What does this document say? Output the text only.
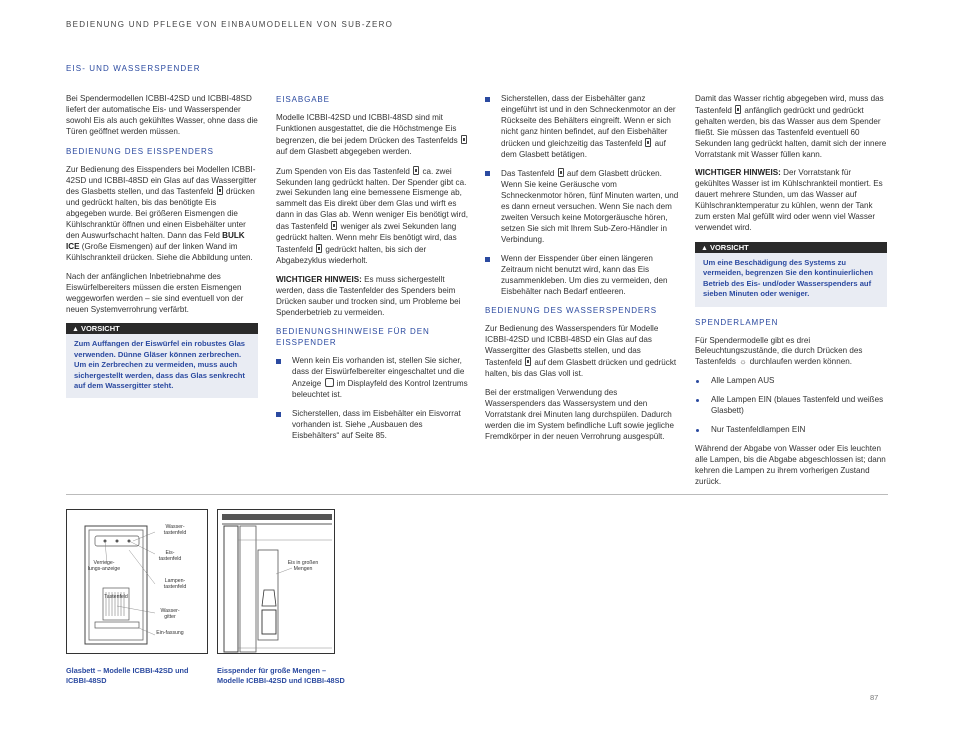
BEDIENUNG UND PFLEGE VON EINBAUMODELLEN VON SUB-ZERO
EIS- UND WASSERSPENDER

Bei Spendermodellen ICBBI-42SD und ICBBI-48SD liefert der automatische Eis- und Wasserspender sowohl Eis als auch gekühltes Wasser, ohne dass die Türen geöffnet werden müssen.

BEDIENUNG DES EISSPENDERS

Zur Bedienung des Eisspenders bei Modellen ICBBI-42SD und ICBBI-48SD ein Glas auf das Wassergitter des Glasbetts stellen, und das Tastenfeld drücken und gedrückt halten, bis das benötigte Eis abgegeben wurde. Bei größeren Eismengen die Kühlschranktür öffnen und einen Eisbehälter unter den Auswurfschacht halten. Dann das Feld BULK ICE (Große Eismengen) auf der linken Wand im Kühlschrankteil drücken. Siehe die Abbildung unten.

Nach der anfänglichen Inbetriebnahme des Eiswürfelbereiters müssen die ersten Eismengen weggeworfen werden – sie sind eventuell von der neuen Systemverrohrung verfärbt.

▲ VORSICHT
Zum Auffangen der Eiswürfel ein robustes Glas verwenden. Dünne Gläser können zerbrechen. Um ein Zerbrechen zu vermeiden, muss auch sichergestellt werden, dass das Glas senkrecht auf dem Wassergitter steht.
EISABGABE

Modelle ICBBI-42SD und ICBBI-48SD sind mit Funktionen ausgestattet, die die Höchstmenge Eis begrenzen, die bei jedem Drücken des Tastenfelds  auf dem Glasbett abgegeben werden.

Zum Spenden von Eis das Tastenfeld ca. zwei Sekunden lang gedrückt halten. Der Spender gibt ca. zwei Sekunden lang eine bemessene Eismenge ab, sammelt das Eis direkt über dem Glas und wirft es dann in das Glas ab. Wenn weniger Eis benötigt wird, das Tastenfeld weniger als zwei Sekunden lang gedrückt halten. Wenn mehr Eis benötigt wird, das Tastenfeld gedrückt halten, bis sich der Abgabezyklus wiederholt.

WICHTIGER HINWEIS: Es muss sichergestellt werden, dass die Tastenfelder des Spenders beim Drücken sauber und trocken sind, um Probleme bei Spenderbetrieb zu vermeiden.

BEDIENUNGSHINWEISE FÜR DEN EISSPENDER
Wenn kein Eis vorhanden ist, stellen Sie sicher, dass der Eiswürfelbereiter eingeschaltet und die Anzeige im Displayfeld des Kontrol lzentrums beleuchtet ist.
Sicherstellen, dass im Eisbehälter ein Eisvorrat vorhanden ist. Siehe „Ausbauen des Eisbehälters“ auf Seite 85.
Sicherstellen, dass der Eisbehälter ganz eingeführt ist und in den Schneckenmotor an der Rückseite des Behälters eingreift. Wenn er sich nicht ganz hinten befindet, auf den Eisbehälter drücken und gleichzeitig das Tastenfeld auf dem Glasbett betätigen.
Das Tastenfeld auf dem Glasbett drücken. Wenn Sie keine Geräusche vom Schneckenmotor hören, fünf Minuten warten, und es dann erneut versuchen. Wenn Sie nach dem zweiten Versuch keine Motorgeräusche hören, setzen Sie sich mit Ihrem Sub-Zero-Händler in Verbindung.
Wenn der Eisspender über einen längeren Zeitraum nicht benutzt wird, kann das Eis zusammenkleben. Um dies zu vermeiden, den Eisbehälter nach Bedarf entleeren.
BEDIENUNG DES WASSERSPENDERS

Zur Bedienung des Wasserspenders für Modelle ICBBI-42SD und ICBBI-48SD ein Glas auf das Wassergitter des Glasbetts stellen, und das Tastenfeld auf dem Glasbett drücken und gedrückt halten, bis das Glas voll ist.

Bei der erstmaligen Verwendung des Wasserspenders das Wassersystem und den Vorratstank drei Minuten lang durchspülen. Dadurch werden die im System befindliche Luft sowie jegliche Fremdkörper in der neuen Verrohrung ausgespült.

Damit das Wasser richtig abgegeben wird, muss das Tastenfeld anfänglich gedrückt und gedrückt gehalten werden, bis das Wasser aus dem Spender fließt. Sie müssen das Tastenfeld eventuell 60 Sekunden lang gedrückt halten, damit sich der innere Vorratstank mit Wasser füllen kann.

WICHTIGER HINWEIS: Der Vorratstank für gekühltes Wasser ist im Kühlschrankteil montiert. Es dauert mehrere Stunden, um das Wasser auf Kühlschranktemperatur zu kühlen, wenn der Tank zum ersten Mal gefüllt wird oder wenn viel Wasser verwendet wird.

▲ VORSICHT
Um eine Beschädigung des Systems zu vermeiden, begrenzen Sie den kontinuierlichen Betrieb des Eis- und/oder Wasserspenders auf sieben Minuten oder weniger.
SPENDERLAMPEN

Für Spendermodelle gibt es drei Beleuchtungszustände, die durch Drücken des Tastenfelds ☼ durchlaufen werden können.

Alle Lampen AUS
Alle Lampen EIN (blaues Tastenfeld und weißes Glasbett)
Nur Tastenfeldlampen EIN

Während der Abgabe von Wasser oder Eis leuchten alle Lampen, bis die Abgabe abgeschlossen ist; dann kehren die Lampen zu ihrem vorherigen Zustand zurück.

Wasser-tastenfeld
Eis-tastenfeld
Verriege-lungs-anzeige
Lampen-tastenfeld
Tastenfeld
Wasser-gitter
Ein-fassung
Eis in großen Mengen
Glasbett – Modelle ICBBI-42SD und ICBBI-48SD
Eisspender für große Mengen – Modelle ICBBI-42SD und ICBBI-48SD
87
